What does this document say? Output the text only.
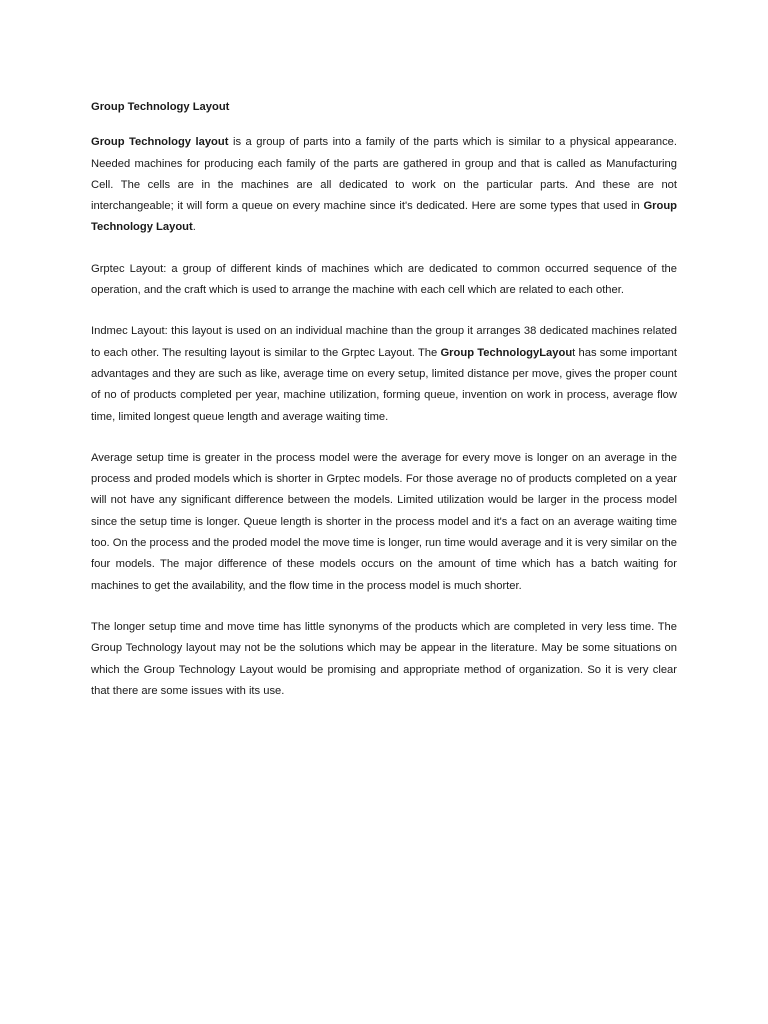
Group Technology Layout

Group Technology layout is a group of parts into a family of the parts which is similar to a physical appearance. Needed machines for producing each family of the parts are gathered in group and that is called as Manufacturing Cell. The cells are in the machines are all dedicated to work on the particular parts. And these are not interchangeable; it will form a queue on every machine since it's dedicated. Here are some types that used in Group Technology Layout.

Grptec Layout: a group of different kinds of machines which are dedicated to common occurred sequence of the operation, and the craft which is used to arrange the machine with each cell which are related to each other.

Indmec Layout: this layout is used on an individual machine than the group it arranges 38 dedicated machines related to each other. The resulting layout is similar to the Grptec Layout. The Group TechnologyLayout has some important advantages and they are such as like, average time on every setup, limited distance per move, gives the proper count of no of products completed per year, machine utilization, forming queue, invention on work in process, average flow time, limited longest queue length and average waiting time.

Average setup time is greater in the process model were the average for every move is longer on an average in the process and proded models which is shorter in Grptec models. For those average no of products completed on a year will not have any significant difference between the models. Limited utilization would be larger in the process model since the setup time is longer. Queue length is shorter in the process model and it's a fact on an average waiting time too. On the process and the proded model the move time is longer, run time would average and it is very similar on the four models. The major difference of these models occurs on the amount of time which has a batch waiting for machines to get the availability, and the flow time in the process model is much shorter.

The longer setup time and move time has little synonyms of the products which are completed in very less time. The Group Technology layout may not be the solutions which may be appear in the literature. May be some situations on which the Group Technology Layout would be promising and appropriate method of organization. So it is very clear that there are some issues with its use.
